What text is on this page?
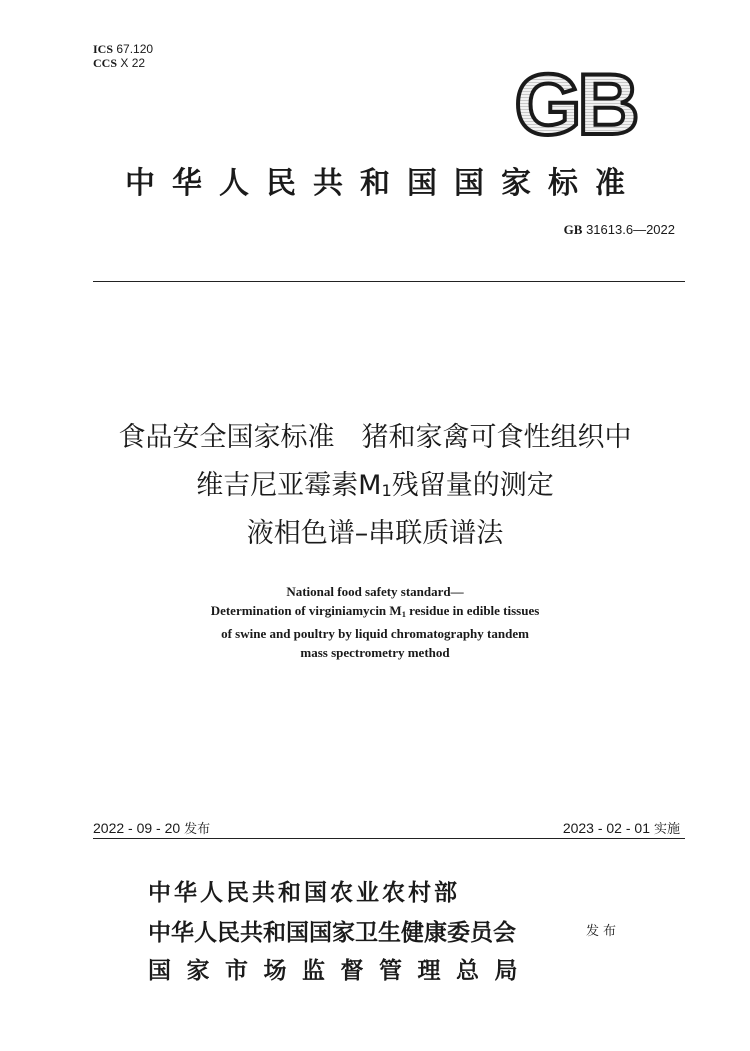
ICS 67.120
CCS X 22	GB
中华人民共和国国家标准
GB 31613.6—2022
食品安全国家标准 猪和家禽可食性组织中
维吉尼亚霉素$M_1$残留量的测定
液相色谱–串联质谱法
National food safety standard—
Determination of virginiamycin $M_1$ residue in edible tissues
of swine and poultry by liquid chromatography tandem
mass spectrometry method
2022 - 09 - 20 发布	2023 - 02 - 01 实施
中华人民共和国农业农村部
中华人民共和国国家卫生健康委员会
国家市场监督管理总局
发布
